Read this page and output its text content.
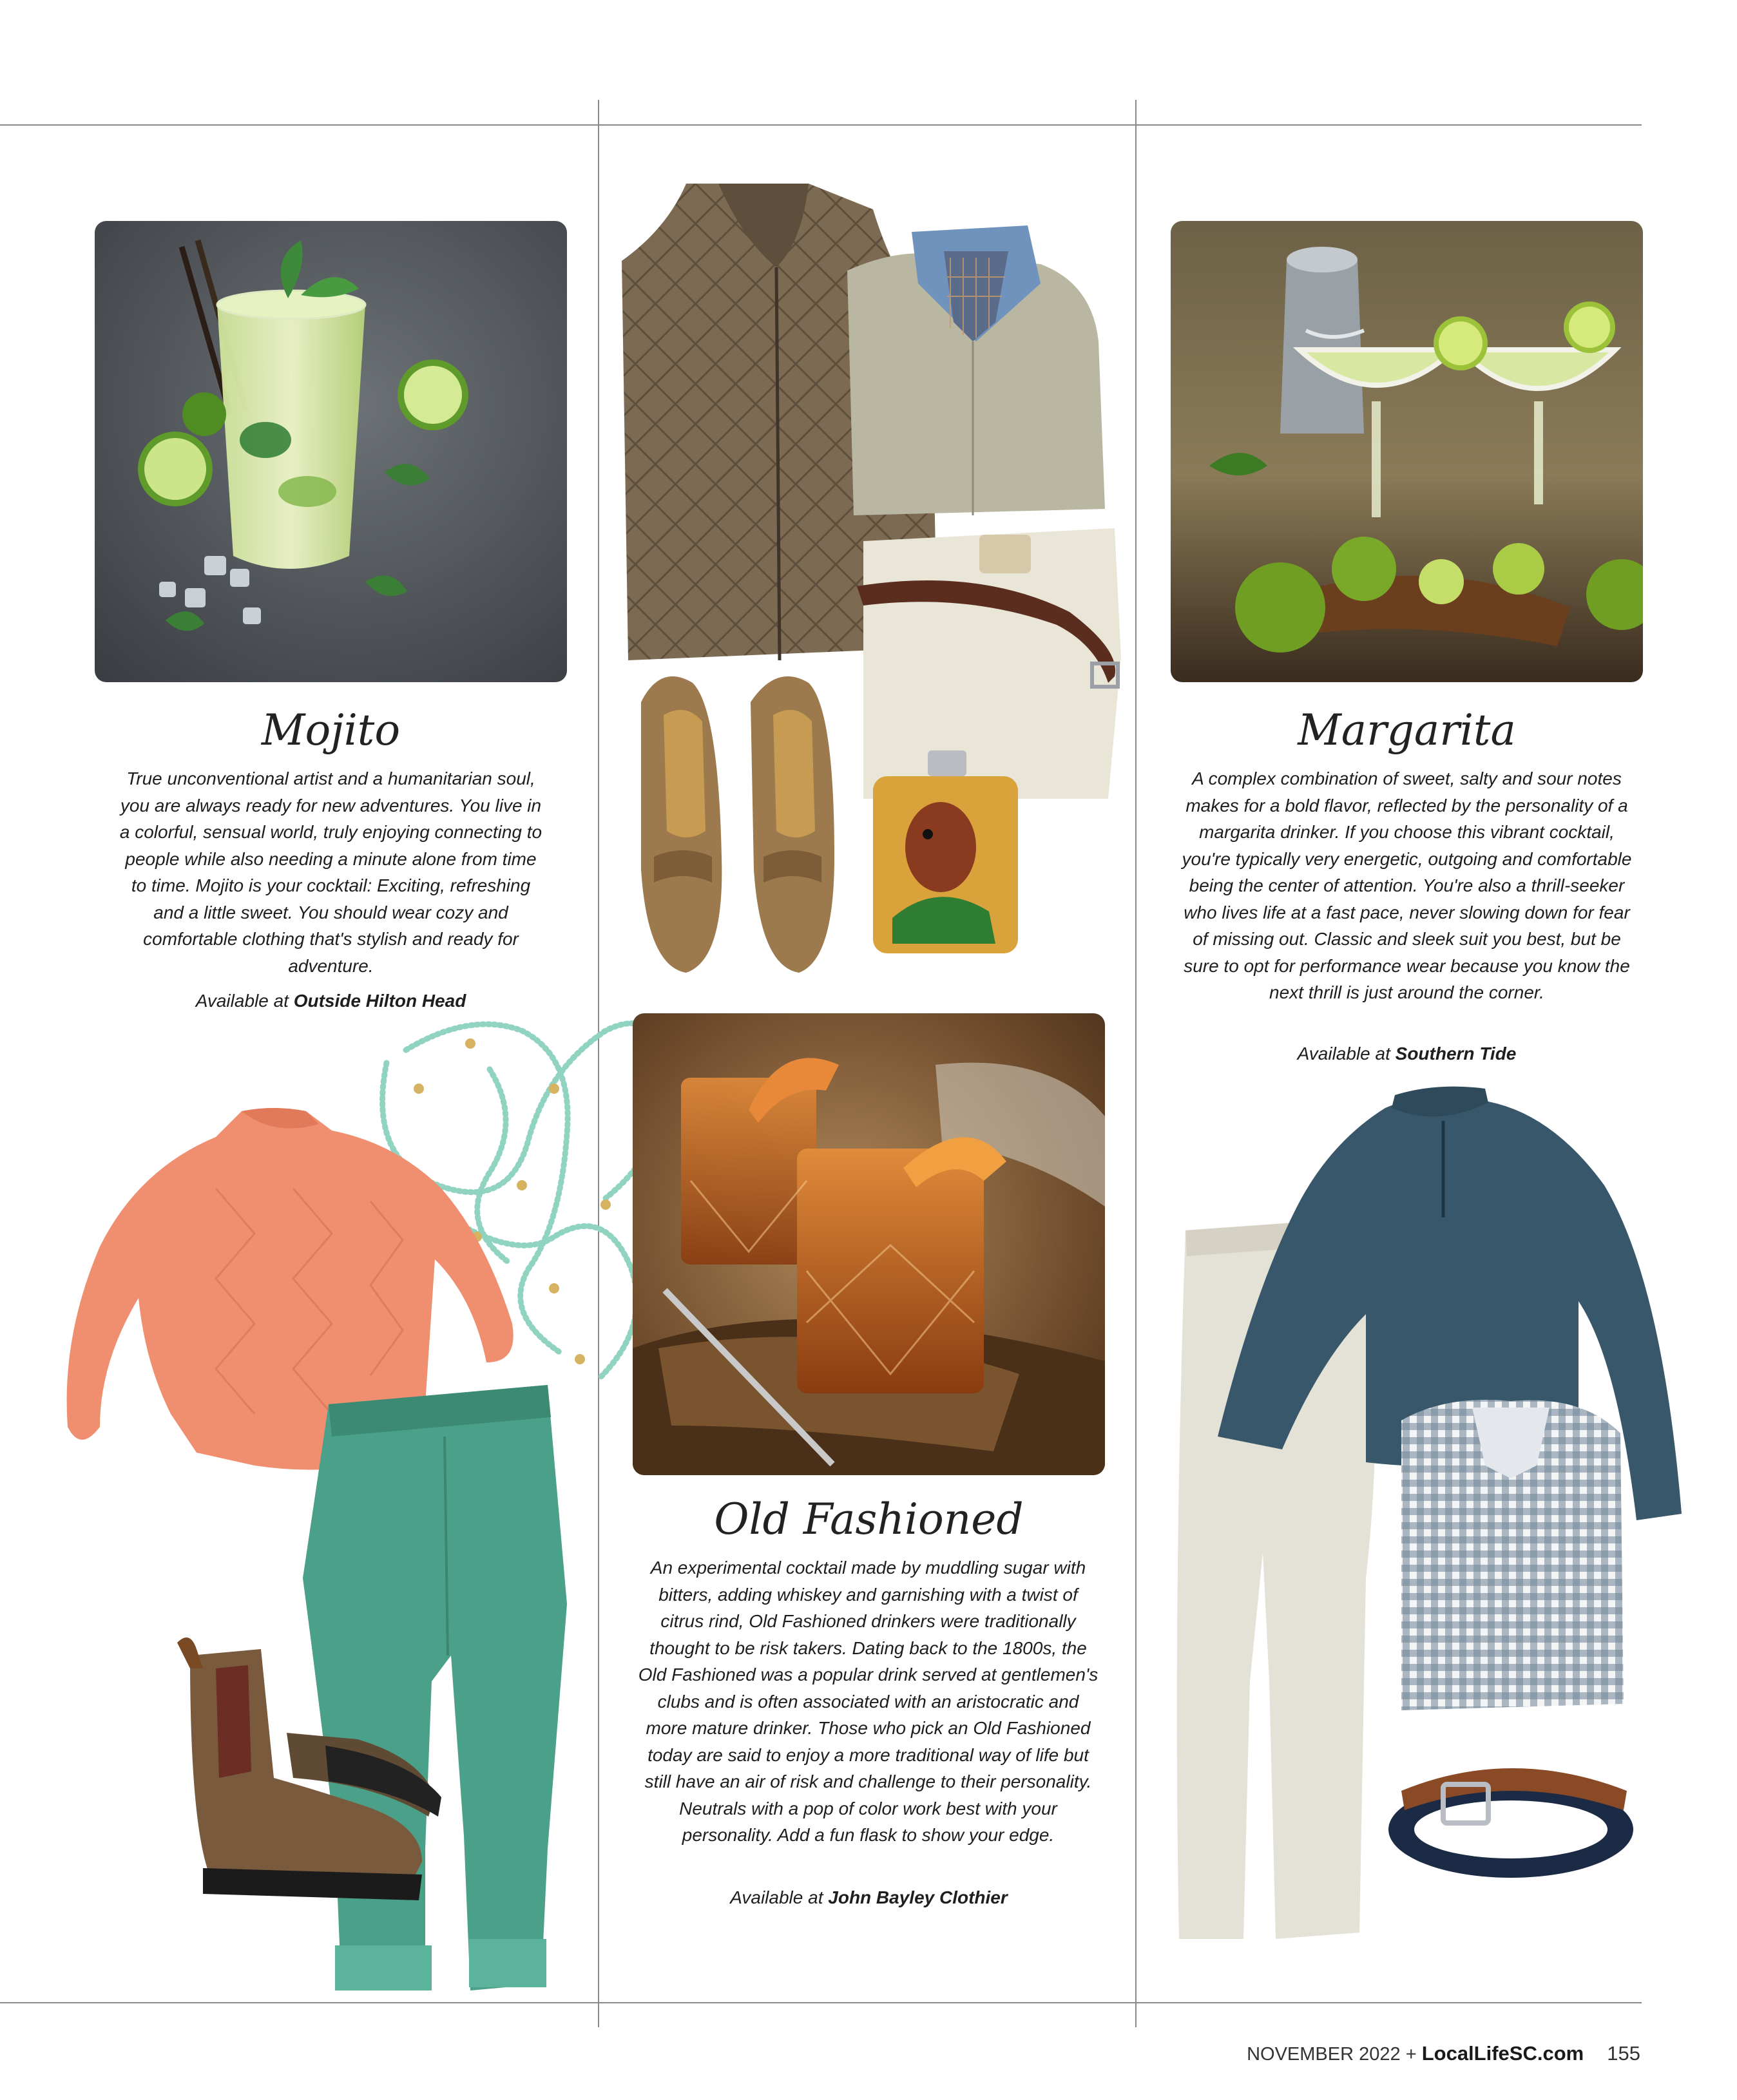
Mojito

True unconventional artist and a humanitarian soul, you are always ready for new adventures. You live in a colorful, sensual world, truly enjoying connecting to people while also needing a minute alone from time to time. Mojito is your cocktail: Exciting, refreshing and a little sweet. You should wear cozy and comfortable clothing that's stylish and ready for adventure.

Available at Outside Hilton Head

Old Fashioned

An experimental cocktail made by muddling sugar with bitters, adding whiskey and garnishing with a twist of citrus rind, Old Fashioned drinkers were traditionally thought to be risk takers. Dating back to the 1800s, the Old Fashioned was a popular drink served at gentlemen's clubs and is often associated with an aristocratic and more mature drinker. Those who pick an Old Fashioned today are said to enjoy a more traditional way of life but still have an air of risk and challenge to their personality. Neutrals with a pop of color work best with your personality. Add a fun flask to show your edge.

Available at John Bayley Clothier

Margarita

A complex combination of sweet, salty and sour notes makes for a bold flavor, reflected by the personality of a margarita drinker. If you choose this vibrant cocktail, you're typically very energetic, outgoing and comfortable being the center of attention. You're also a thrill-seeker who lives life at a fast pace, never slowing down for fear of missing out. Classic and sleek suit you best, but be sure to opt for performance wear because you know the next thrill is just around the corner.

Available at Southern Tide

NOVEMBER 2022 + LocalLifeSC.com 155
